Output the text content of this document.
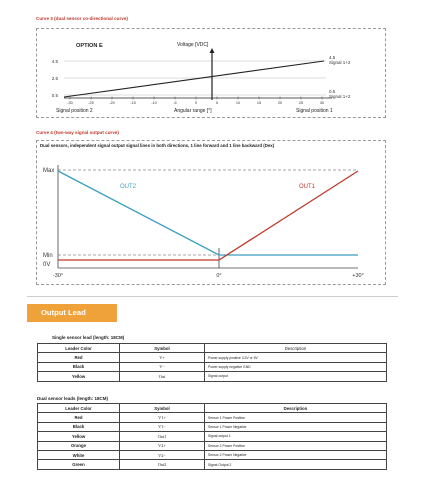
Curve 3 (dual sensor co-directional curve)
OPTION E	Voltage [VDC]
4.5
2.5
0.5
-30	-25	-20	-15	-10	-5	0	5	10	15	20	25	30
4.5
Signal 1+2
0.5
Signal 1+2
Signal position 2	Angular range [°]	Signal position 1
Curve 4 (two-way signal output curve)
Dual sensors, independent signal output signal lines in both directions, 1 line forward and 1 line backward (Dex)
Max
Min
0V
OUT2	OUT1
-30°	0°	+30°
Output Lead
Single sensor lead (length: 18CM)
Leader Color	Symbol	Description
Red	V+	Power supply positive 3.3V or 5V
Black	V−	Power supply negative GND
Yellow	Out	Signal output
Dual sensor leads (length: 18CM)
Leader Color	Symbol	Description
Red	V1+	Sensor 1 Power Positive
Black	V1−	Sensor 1 Power Negative
Yellow	Out1	Signal output 1
Orange	V2+	Sensor 2 Power Positive
White	V2−	Sensor 2 Power Negative
Green	Out2	Signal Output 2
